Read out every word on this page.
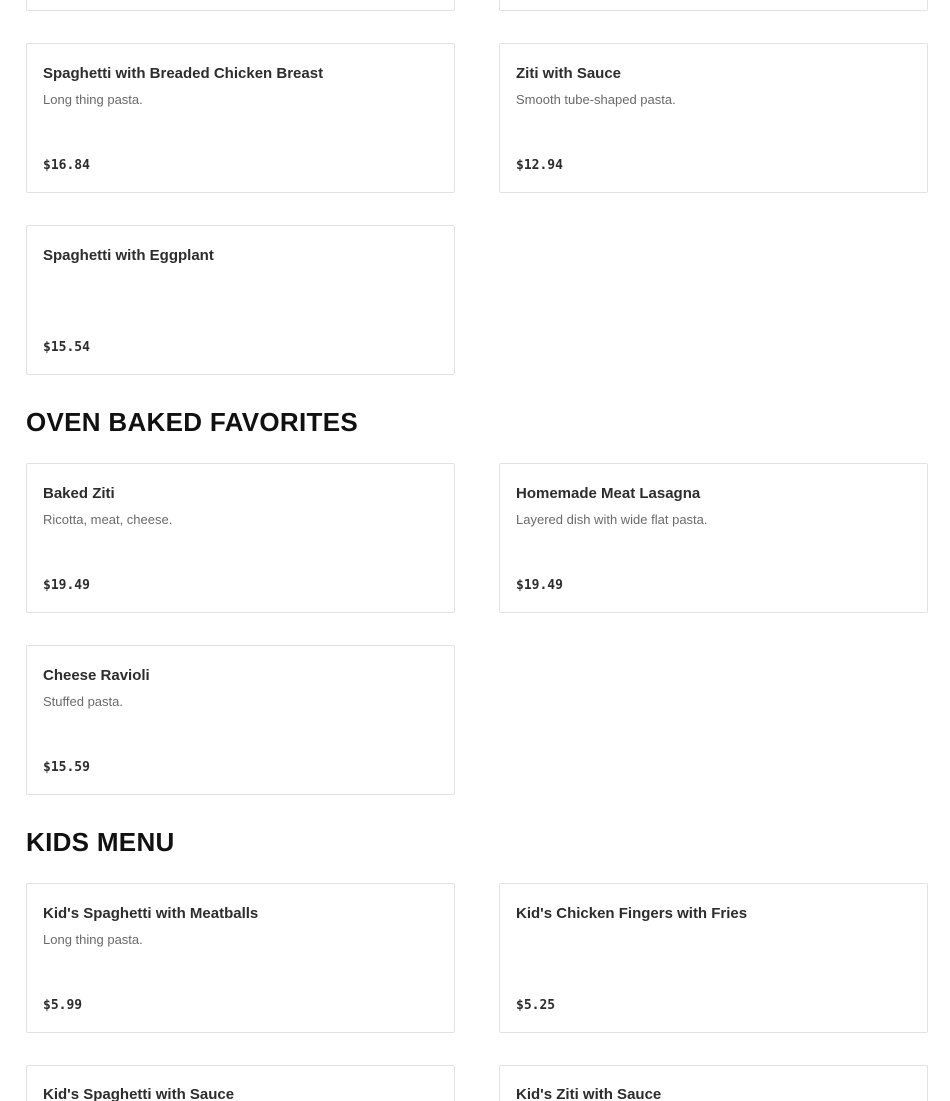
Spaghetti with Breaded Chicken Breast
Long thing pasta.
$16.84
Ziti with Sauce
Smooth tube-shaped pasta.
$12.94
Spaghetti with Eggplant
$15.54
OVEN BAKED FAVORITES
Baked Ziti
Ricotta, meat, cheese.
$19.49
Homemade Meat Lasagna
Layered dish with wide flat pasta.
$19.49
Cheese Ravioli
Stuffed pasta.
$15.59
KIDS MENU
Kid's Spaghetti with Meatballs
Long thing pasta.
$5.99
Kid's Chicken Fingers with Fries
$5.25
Kid's Spaghetti with Sauce	Kid's Ziti with Sauce
